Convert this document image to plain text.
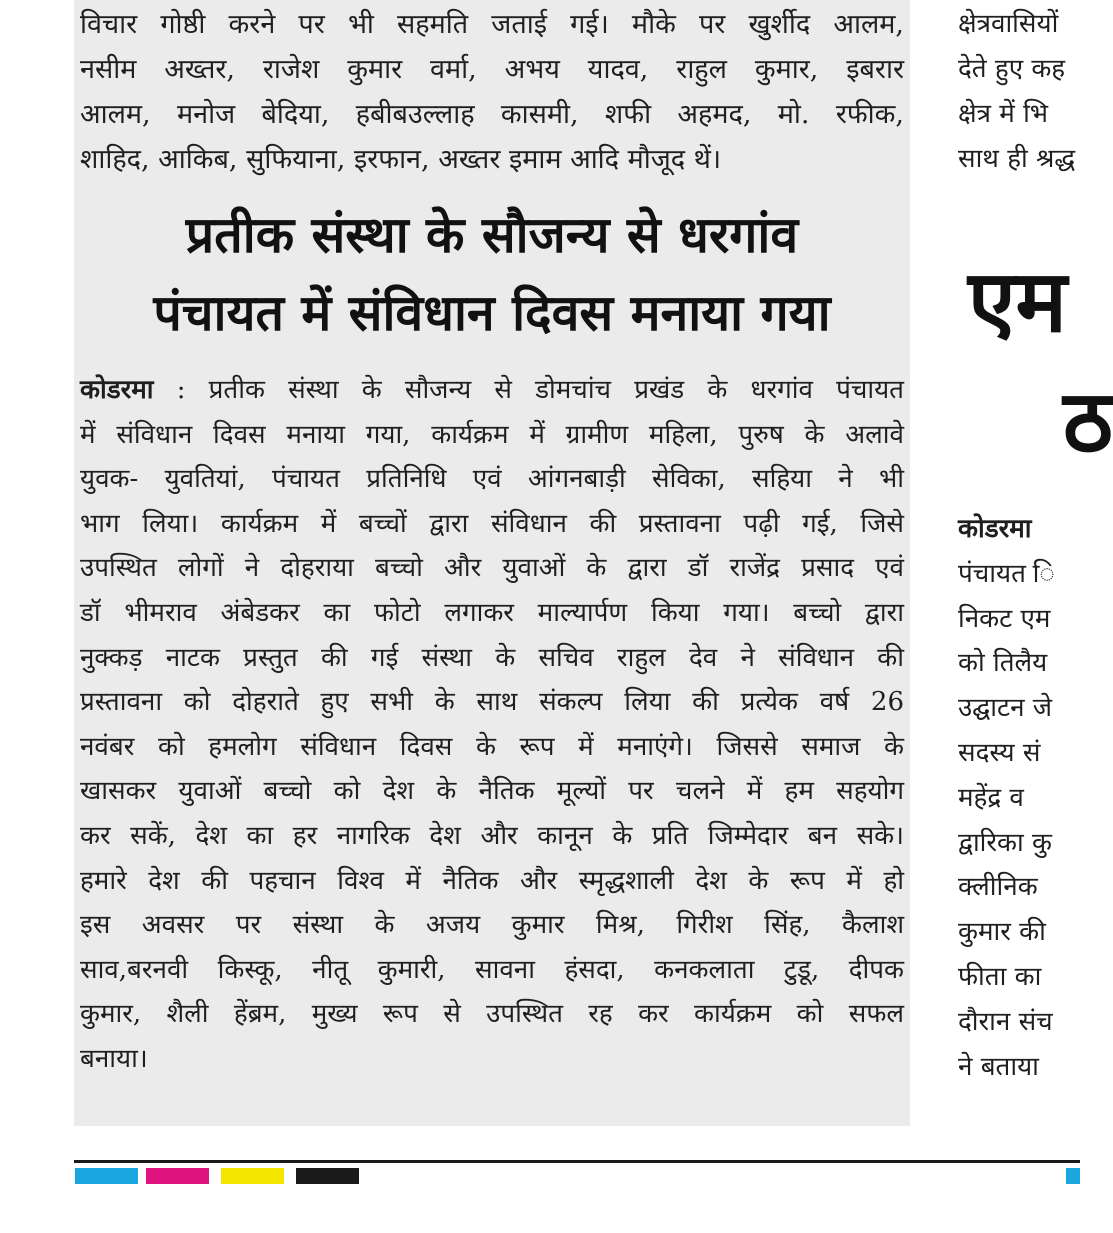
विचार गोष्ठी करने पर भी सहमति जताई गई। मौके पर खुर्शीद आलम,
नसीम अख्तर, राजेश कुमार वर्मा, अभय यादव, राहुल कुमार, इबरार
आलम, मनोज बेदिया, हबीबउल्लाह कासमी, शफी अहमद, मो. रफीक,
शाहिद, आकिब, सुफियाना, इरफान, अख्तर इमाम आदि मौजूद थें।
प्रतीक संस्था के सौजन्य से धरगांव
पंचायत में संविधान दिवस मनाया गया
कोडरमा : प्रतीक संस्था के सौजन्य से डोमचांच प्रखंड के धरगांव पंचायत
में संविधान दिवस मनाया गया, कार्यक्रम में ग्रामीण महिला, पुरुष के अलावे
युवक- युवतियां, पंचायत प्रतिनिधि एवं आंगनबाड़ी सेविका, सहिया ने भी
भाग लिया। कार्यक्रम में बच्चों द्वारा संविधान की प्रस्तावना पढ़ी गई, जिसे
उपस्थित लोगों ने दोहराया बच्चो और युवाओं के द्वारा डॉ राजेंद्र प्रसाद एवं
डॉ भीमराव अंबेडकर का फोटो लगाकर माल्यार्पण किया गया। बच्चो द्वारा
नुक्कड़ नाटक प्रस्तुत की गई संस्था के सचिव राहुल देव ने संविधान की
प्रस्तावना को दोहराते हुए सभी के साथ संकल्प लिया की प्रत्येक वर्ष 26
नवंबर को हमलोग संविधान दिवस के रूप में मनाएंगे। जिससे समाज के
खासकर युवाओं बच्चो को देश के नैतिक मूल्यों पर चलने में हम सहयोग
कर सकें, देश का हर नागरिक देश और कानून के प्रति जिम्मेदार बन सके।
हमारे देश की पहचान विश्व में नैतिक और स्मृद्धशाली देश के रूप में हो
इस अवसर पर संस्था के अजय कुमार मिश्र, गिरीश सिंह, कैलाश
साव,बरनवी किस्कू, नीतू कुमारी, सावना हंसदा, कनकलाता टुडू, दीपक
कुमार, शैली हेंब्रम, मुख्य रूप से उपस्थित रह कर कार्यक्रम को सफल
बनाया।
क्षेत्रवासियों
देते हुए कह
क्षेत्र में भि
साथ ही श्रद्ध
एम
ठ
कोडरमा
पंचायत ि
निकट एम
को तिलैय
उद्घाटन जे
सदस्य सं
महेंद्र व
द्वारिका कु
क्लीनिक
कुमार की
फीता का
दौरान संच
ने बताया
